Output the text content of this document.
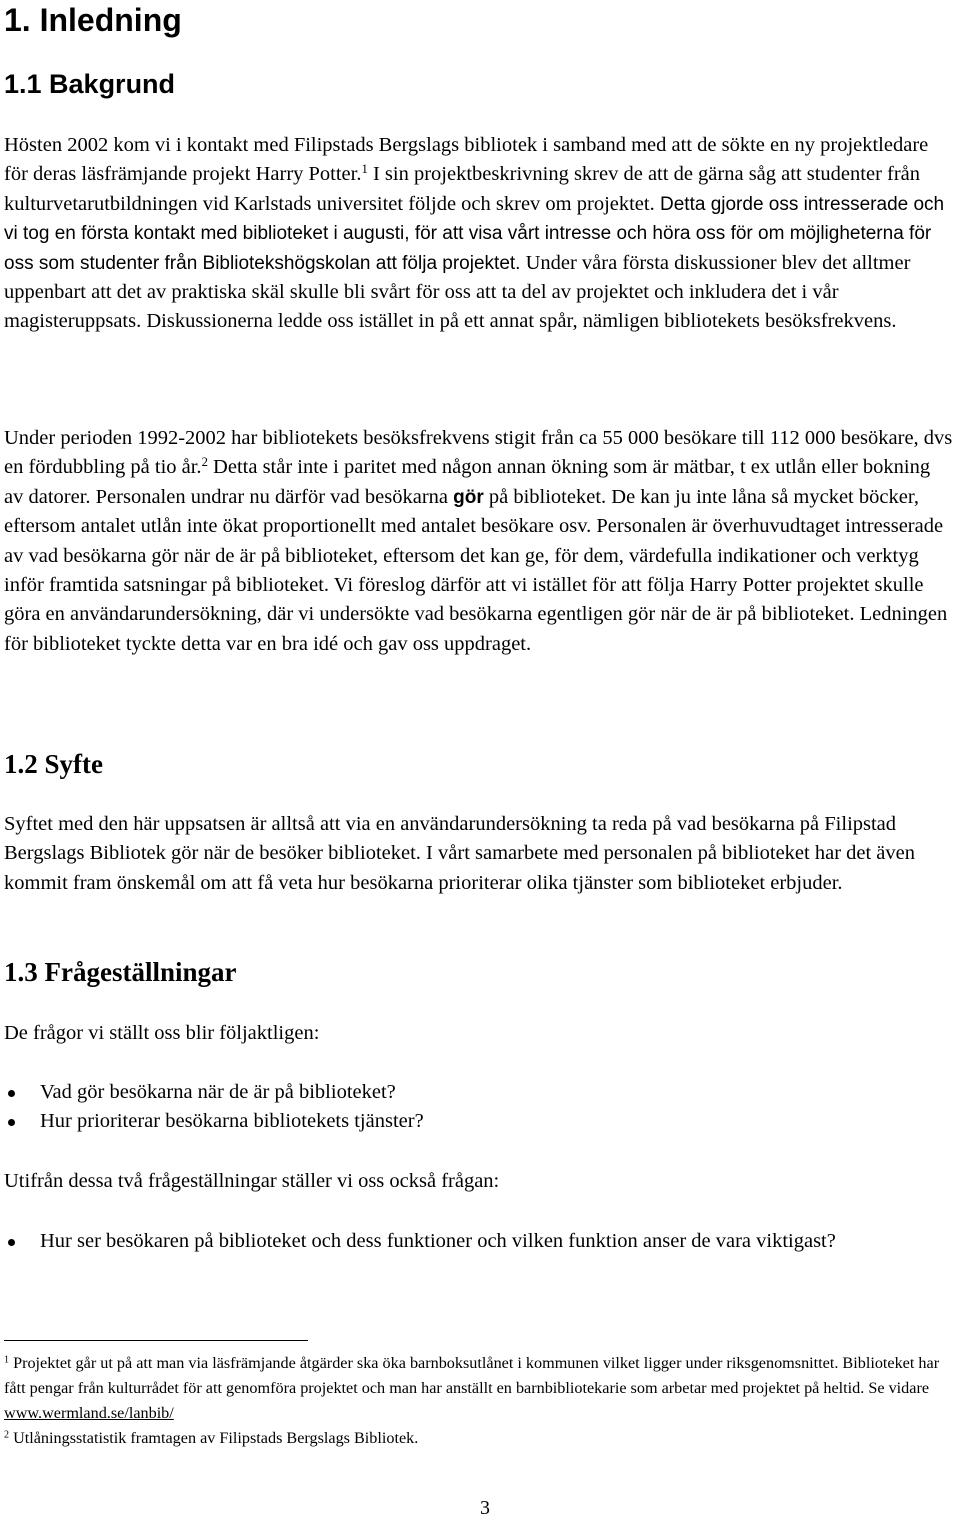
1. Inledning
1.1 Bakgrund

Hösten 2002 kom vi i kontakt med Filipstads Bergslags bibliotek i samband med att de sökte en ny projektledare för deras läsfrämjande projekt Harry Potter.$^1$ I sin projektbeskrivning skrev de att de gärna såg att studenter från kulturvetarutbildningen vid Karlstads universitet följde och skrev om projektet. Detta gjorde oss intresserade och vi tog en första kontakt med biblioteket i augusti, för att visa vårt intresse och höra oss för om möjligheterna för oss som studenter från Bibliotekshögskolan att följa projektet. Under våra första diskussioner blev det alltmer uppenbart att det av praktiska skäl skulle bli svårt för oss att ta del av projektet och inkludera det i vår magisteruppsats. Diskussionerna ledde oss istället in på ett annat spår, nämligen bibliotekets besöksfrekvens.

Under perioden 1992-2002 har bibliotekets besöksfrekvens stigit från ca 55 000 besökare till 112 000 besökare, dvs en fördubbling på tio år.$^2$ Detta står inte i paritet med någon annan ökning som är mätbar, t ex utlån eller bokning av datorer. Personalen undrar nu därför vad besökarna gör på biblioteket. De kan ju inte låna så mycket böcker, eftersom antalet utlån inte ökat proportionellt med antalet besökare osv. Personalen är överhuvudtaget intresserade av vad besökarna gör när de är på biblioteket, eftersom det kan ge, för dem, värdefulla indikationer och verktyg inför framtida satsningar på biblioteket. Vi föreslog därför att vi istället för att följa Harry Potter projektet skulle göra en användarundersökning, där vi undersökte vad besökarna egentligen gör när de är på biblioteket. Ledningen för biblioteket tyckte detta var en bra idé och gav oss uppdraget.

1.2 Syfte

Syftet med den här uppsatsen är alltså att via en användarundersökning ta reda på vad besökarna på Filipstad Bergslags Bibliotek gör när de besöker biblioteket. I vårt samarbete med personalen på biblioteket har det även kommit fram önskemål om att få veta hur besökarna prioriterar olika tjänster som biblioteket erbjuder.

1.3 Frågeställningar

De frågor vi ställt oss blir följaktligen:

Vad gör besökarna när de är på biblioteket?
Hur prioriterar besökarna bibliotekets tjänster?

Utifrån dessa två frågeställningar ställer vi oss också frågan:

Hur ser besökaren på biblioteket och dess funktioner och vilken funktion anser de vara viktigast?

$^1$ Projektet går ut på att man via läsfrämjande åtgärder ska öka barnboksutlånet i kommunen vilket ligger under riksgenomsnittet. Biblioteket har fått pengar från kulturrådet för att genomföra projektet och man har anställt en barnbibliotekarie som arbetar med projektet på heltid. Se vidare www.wermland.se/lanbib/

$^2$ Utlåningsstatistik framtagen av Filipstads Bergslags Bibliotek.

3
